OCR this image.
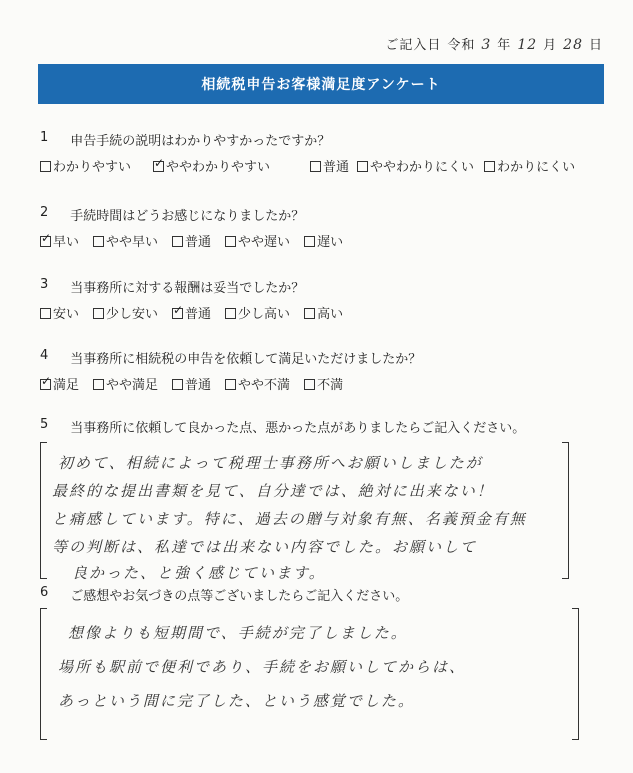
ご記入日 令和 3 年 12 月 28 日
相続税申告お客様満足度アンケート
1 申告手続の説明はわかりやすかったですか？
わかりやすい
✓	ややわかりやすい	普通 ややわかりにくい わかりにくい
2 手続時間はどうお感じになりましたか？
✓
早い やや早い 普通 やや遅い 遅い
3 当事務所に対する報酬は妥当でしたか？
安い 少し安い
✓ 普通 少し高い 高い
4 当事務所に相続税の申告を依頼して満足いただけましたか？
✓
満足 やや満足 普通 やや不満 不満
5 当事務所に依頼して良かった点、悪かった点がありましたらご記入ください。
初めて、相続によって税理士事務所へお願いしましたが
最終的な提出書類を見て、自分達では、絶対に出来ない！
と痛感しています。特に、過去の贈与対象有無、名義預金有無
等の判断は、私達では出来ない内容でした。お願いして
良かった、と強く感じています。
6 ご感想やお気づきの点等ございましたらご記入ください。
想像よりも短期間で、手続が完了しました。
場所も駅前で便利であり、手続をお願いしてからは、
あっという間に完了した、という感覚でした。
